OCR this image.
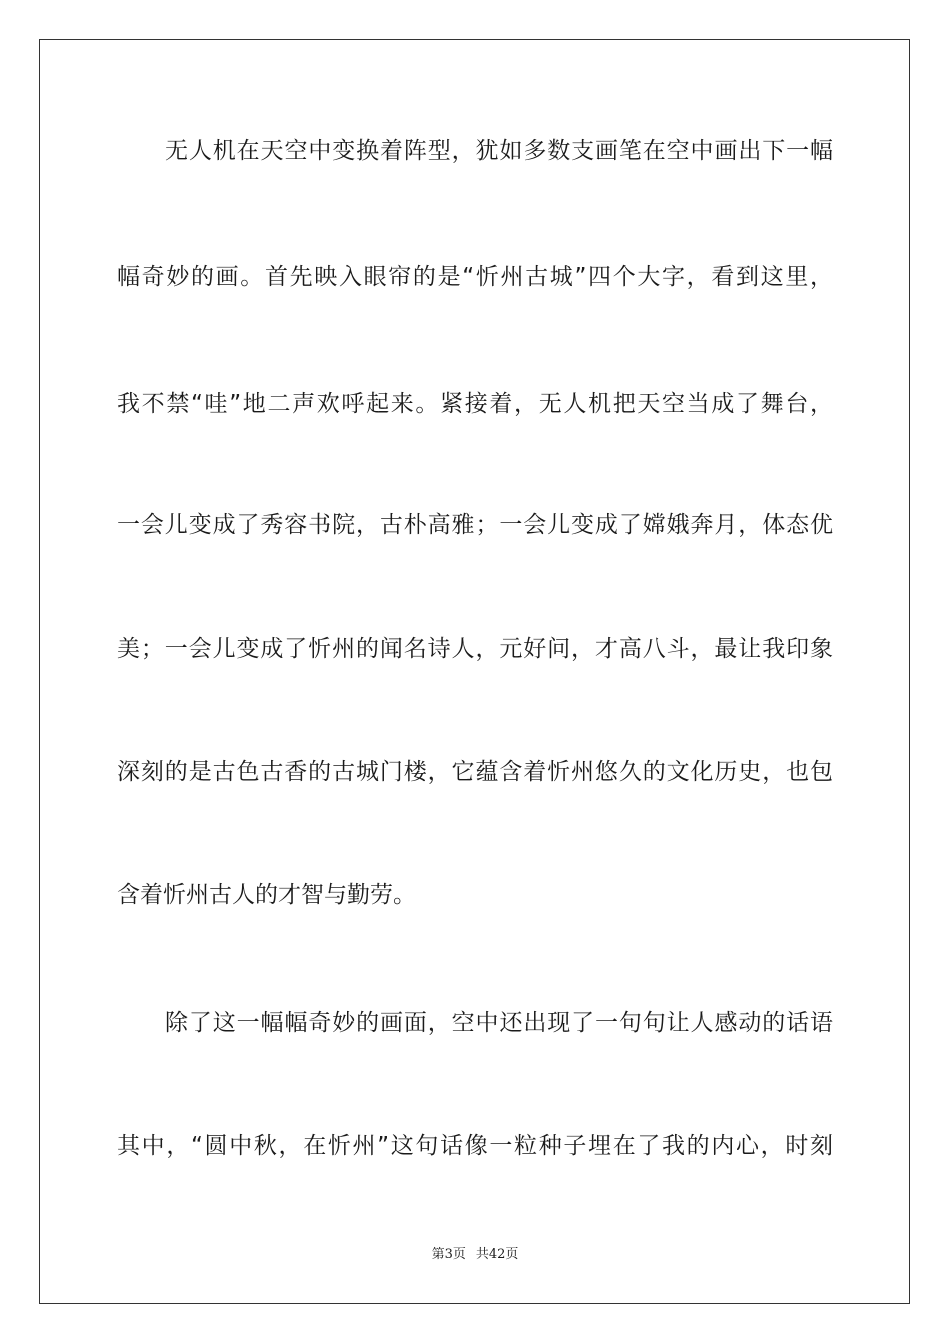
无人机在天空中变换着阵型，犹如多数支画笔在空中画出下一幅
幅奇妙的画。首先映入眼帘的是“忻州古城”四个大字，看到这里，
我不禁“哇”地二声欢呼起来。紧接着，无人机把天空当成了舞台，
一会儿变成了秀容书院，古朴高雅；一会儿变成了嫦娥奔月，体态优
美；一会儿变成了忻州的闻名诗人，元好问，才高八斗，最让我印象
深刻的是古色古香的古城门楼，它蕴含着忻州悠久的文化历史，也包
含着忻州古人的才智与勤劳。
除了这一幅幅奇妙的画面，空中还出现了一句句让人感动的话语
其中，“圆中秋，在忻州”这句话像一粒种子埋在了我的内心，时刻
第3页 共42页
